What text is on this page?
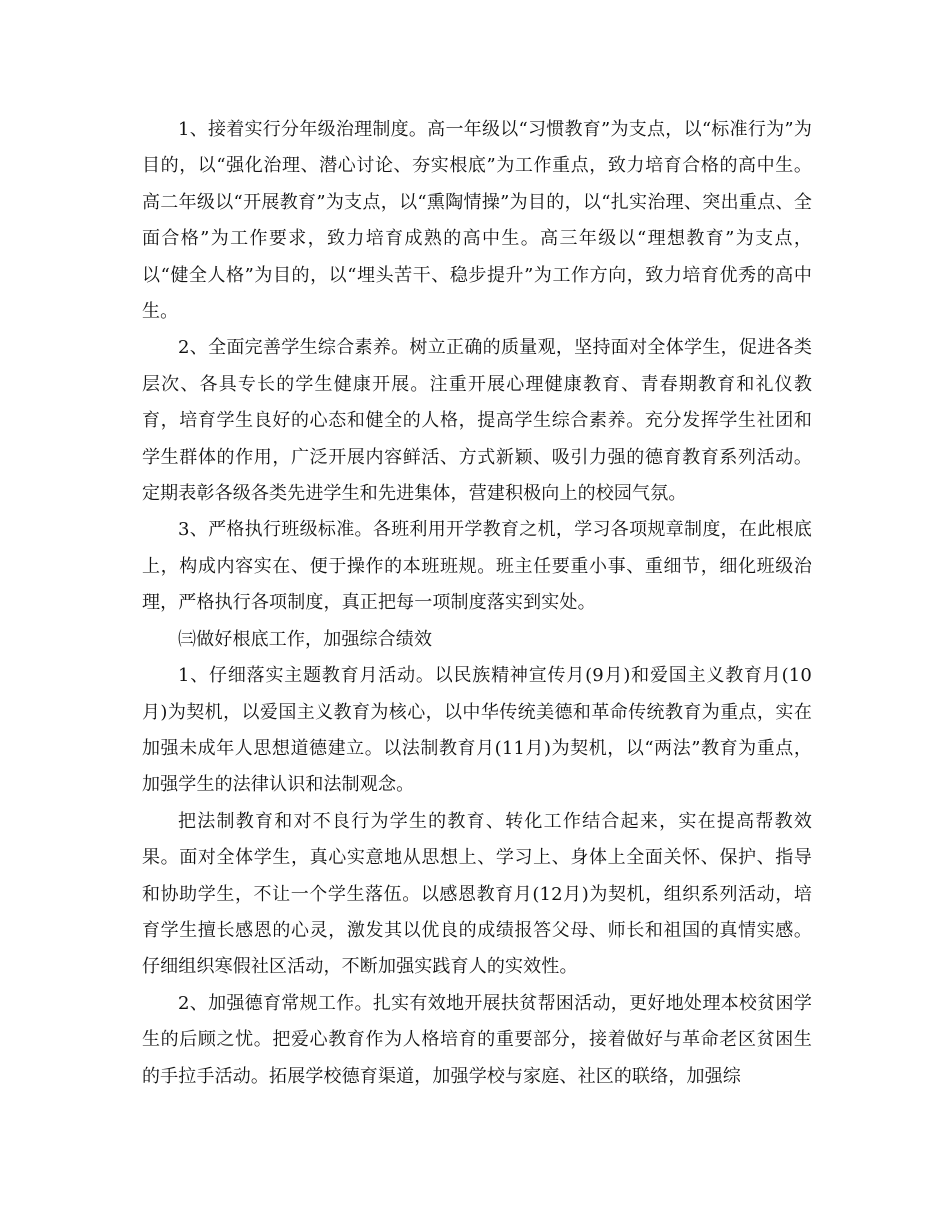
1、接着实行分年级治理制度。高一年级以“习惯教育”为支点，以“标准行为”为目的，以“强化治理、潜心讨论、夯实根底”为工作重点，致力培育合格的高中生。高二年级以“开展教育”为支点，以“熏陶情操”为目的，以“扎实治理、突出重点、全面合格”为工作要求，致力培育成熟的高中生。高三年级以“理想教育”为支点，以“健全人格”为目的，以“埋头苦干、稳步提升”为工作方向，致力培育优秀的高中生。

2、全面完善学生综合素养。树立正确的质量观，坚持面对全体学生，促进各类层次、各具专长的学生健康开展。注重开展心理健康教育、青春期教育和礼仪教育，培育学生良好的心态和健全的人格，提高学生综合素养。充分发挥学生社团和学生群体的作用，广泛开展内容鲜活、方式新颖、吸引力强的德育教育系列活动。定期表彰各级各类先进学生和先进集体，营建积极向上的校园气氛。

3、严格执行班级标准。各班利用开学教育之机，学习各项规章制度，在此根底上，构成内容实在、便于操作的本班班规。班主任要重小事、重细节，细化班级治理，严格执行各项制度，真正把每一项制度落实到实处。

㈢做好根底工作，加强综合绩效

1、仔细落实主题教育月活动。以民族精神宣传月(9月)和爱国主义教育月(10月)为契机，以爱国主义教育为核心，以中华传统美德和革命传统教育为重点，实在加强未成年人思想道德建立。以法制教育月(11月)为契机，以“两法”教育为重点，加强学生的法律认识和法制观念。

把法制教育和对不良行为学生的教育、转化工作结合起来，实在提高帮教效果。面对全体学生，真心实意地从思想上、学习上、身体上全面关怀、保护、指导和协助学生，不让一个学生落伍。以感恩教育月(12月)为契机，组织系列活动，培育学生擅长感恩的心灵，激发其以优良的成绩报答父母、师长和祖国的真情实感。仔细组织寒假社区活动，不断加强实践育人的实效性。

2、加强德育常规工作。扎实有效地开展扶贫帮困活动，更好地处理本校贫困学生的后顾之忧。把爱心教育作为人格培育的重要部分，接着做好与革命老区贫困生的手拉手活动。拓展学校德育渠道，加强学校与家庭、社区的联络，加强综
